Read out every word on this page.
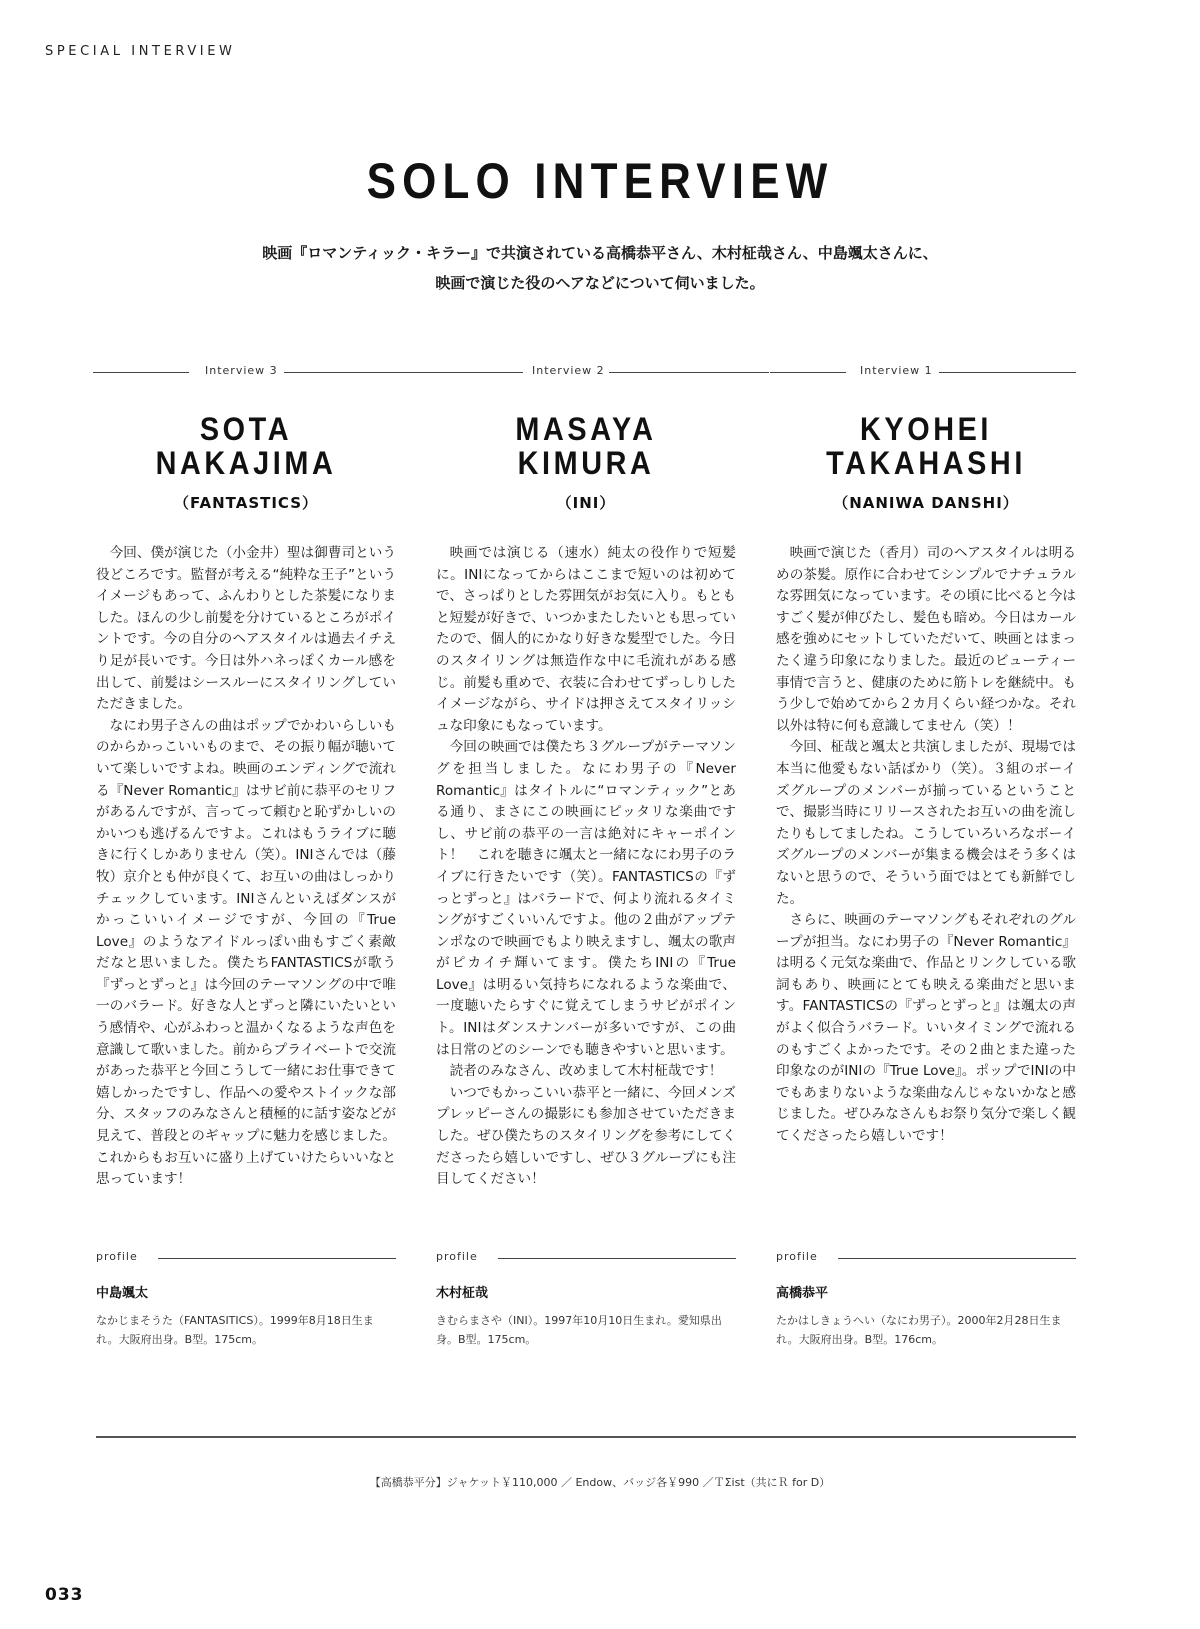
SPECIAL INTERVIEW
SOLO INTERVIEW
映画『ロマンティック・キラー』で共演されている高橋恭平さん、木村柾哉さん、中島颯太さんに、
映画で演じた役のヘアなどについて伺いました。
Interview 3
SOTA
NAKAJIMA
（FANTASTICS）

今回、僕が演じた（小金井）聖は御曹司という役どころです。監督が考える“純粋な王子”というイメージもあって、ふんわりとした茶髪になりました。ほんの少し前髪を分けているところがポイントです。今の自分のヘアスタイルは過去イチえり足が長いです。今日は外ハネっぽくカール感を出して、前髪はシースルーにスタイリングしていただきました。

なにわ男子さんの曲はポップでかわいらしいものからかっこいいものまで、その振り幅が聴いていて楽しいですよね。映画のエンディングで流れる『Never Romantic』はサビ前に恭平のセリフがあるんですが、言ってって頼むと恥ずかしいのかいつも逃げるんですよ。これはもうライブに聴きに行くしかありません（笑）。INIさんでは（藤牧）京介とも仲が良くて、お互いの曲はしっかりチェックしています。INIさんといえばダンスがかっこいいイメージですが、今回の『True Love』のようなアイドルっぽい曲もすごく素敵だなと思いました。僕たちFANTASTICSが歌う『ずっとずっと』は今回のテーマソングの中で唯一のバラード。好きな人とずっと隣にいたいという感情や、心がふわっと温かくなるような声色を意識して歌いました。前からプライベートで交流があった恭平と今回こうして一緒にお仕事できて嬉しかったですし、作品への愛やストイックな部分、スタッフのみなさんと積極的に話す姿などが見えて、普段とのギャップに魅力を感じました。これからもお互いに盛り上げていけたらいいなと思っています！

Interview 2
MASAYA
KIMURA
（INI）

映画では演じる（速水）純太の役作りで短髪に。INIになってからはここまで短いのは初めてで、さっぱりとした雰囲気がお気に入り。もともと短髪が好きで、いつかまたしたいとも思っていたので、個人的にかなり好きな髪型でした。今日のスタイリングは無造作な中に毛流れがある感じ。前髪も重めで、衣装に合わせてずっしりしたイメージながら、サイドは押さえてスタイリッシュな印象にもなっています。

今回の映画では僕たち３グループがテーマソングを担当しました。なにわ男子の『Never Romantic』はタイトルに“ロマンティック”とある通り、まさにこの映画にピッタリな楽曲ですし、サビ前の恭平の一言は絶対にキャーポイント！　これを聴きに颯太と一緒になにわ男子のライブに行きたいです（笑）。FANTASTICSの『ずっとずっと』はバラードで、何より流れるタイミングがすごくいいんですよ。他の２曲がアップテンポなので映画でもより映えますし、颯太の歌声がピカイチ輝いてます。僕たちINIの『True Love』は明るい気持ちになれるような楽曲で、一度聴いたらすぐに覚えてしまうサビがポイント。INIはダンスナンバーが多いですが、この曲は日常のどのシーンでも聴きやすいと思います。

読者のみなさん、改めまして木村柾哉です！

いつでもかっこいい恭平と一緒に、今回メンズプレッピーさんの撮影にも参加させていただきました。ぜひ僕たちのスタイリングを参考にしてくださったら嬉しいですし、ぜひ３グループにも注目してください！

Interview 1
KYOHEI
TAKAHASHI
（NANIWA DANSHI）

映画で演じた（香月）司のヘアスタイルは明るめの茶髪。原作に合わせてシンプルでナチュラルな雰囲気になっています。その頃に比べると今はすごく髪が伸びたし、髪色も暗め。今日はカール感を強めにセットしていただいて、映画とはまったく違う印象になりました。最近のビューティー事情で言うと、健康のために筋トレを継続中。もう少しで始めてから２カ月くらい経つかな。それ以外は特に何も意識してません（笑）！

今回、柾哉と颯太と共演しましたが、現場では本当に他愛もない話ばかり（笑）。３組のボーイズグループのメンバーが揃っているということで、撮影当時にリリースされたお互いの曲を流したりもしてましたね。こうしていろいろなボーイズグループのメンバーが集まる機会はそう多くはないと思うので、そういう面ではとても新鮮でした。

さらに、映画のテーマソングもそれぞれのグループが担当。なにわ男子の『Never Romantic』は明るく元気な楽曲で、作品とリンクしている歌詞もあり、映画にとても映える楽曲だと思います。FANTASTICSの『ずっとずっと』は颯太の声がよく似合うバラード。いいタイミングで流れるのもすごくよかったです。その２曲とまた違った印象なのがINIの『True Love』。ポップでINIの中でもあまりないような楽曲なんじゃないかなと感じました。ぜひみなさんもお祭り気分で楽しく観てくださったら嬉しいです！

profile
中島颯太
なかじまそうた（FANTASITICS）。1999年8月18日生まれ。大阪府出身。B型。175cm。
profile
木村柾哉
きむらまさや（INI）。1997年10月10日生まれ。愛知県出身。B型。175cm。
profile
高橋恭平
たかはしきょうへい（なにわ男子）。2000年2月28日生まれ。大阪府出身。B型。176cm。
【高橋恭平分】ジャケット￥110,000 ／ Endow、バッジ各￥990 ／ＴΣist（共にＲ for D）
033
